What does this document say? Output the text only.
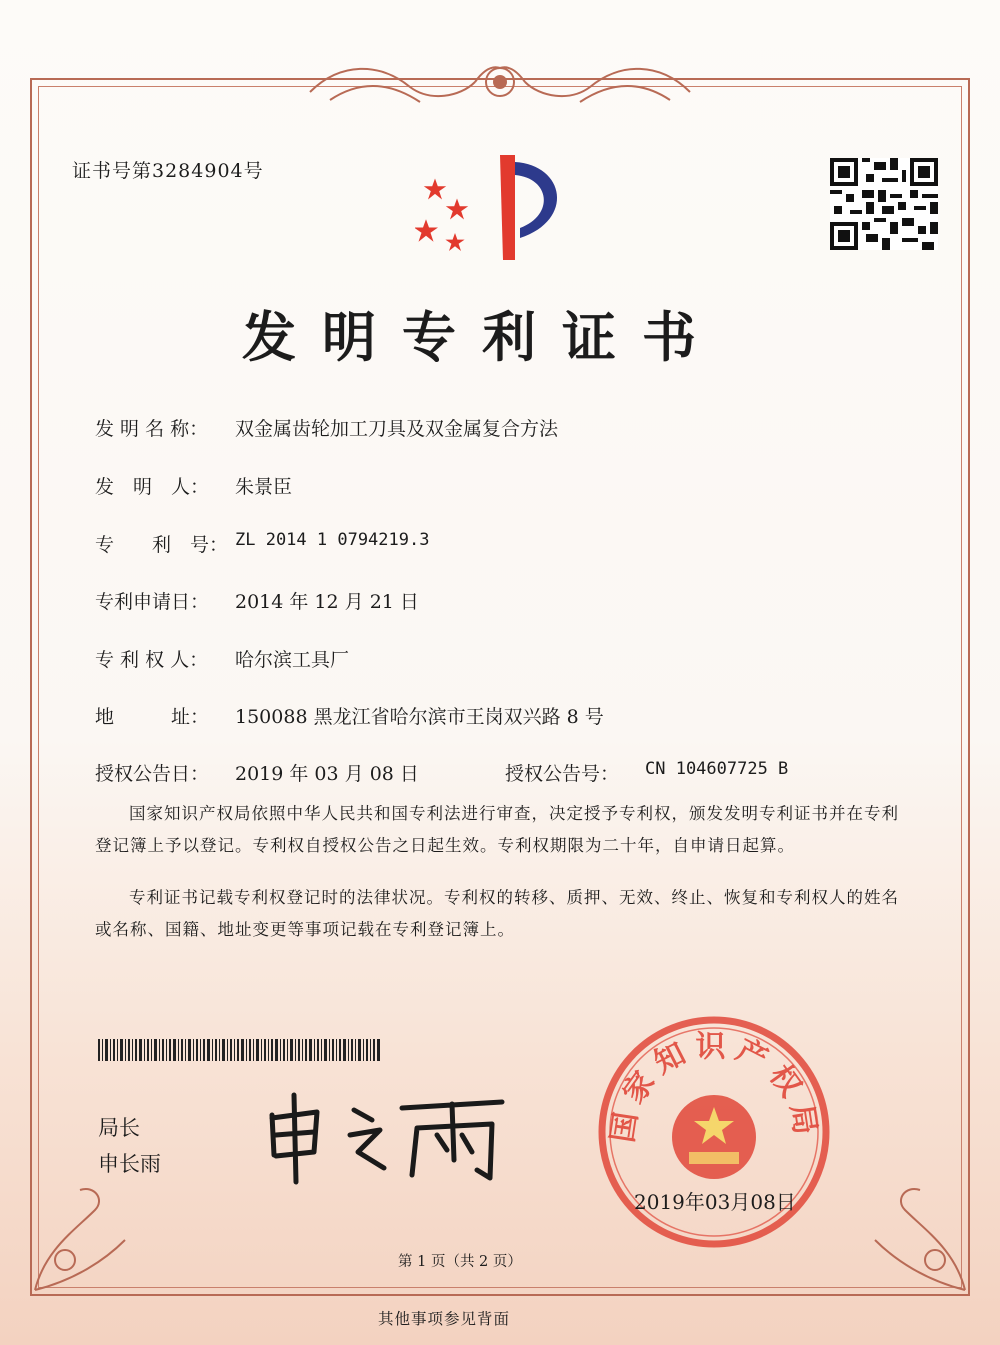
证书号第3284904号
发明专利证书
发 明 名 称： 双金属齿轮加工刀具及双金属复合方法
发　明　人： 朱景臣
专　　利　号： ZL 2014 1 0794219.3
专利申请日： 2014 年 12 月 21 日
专 利 权 人： 哈尔滨工具厂
地　　　址： 150088 黑龙江省哈尔滨市王岗双兴路 8 号
授权公告日： 2019 年 03 月 08 日	授权公告号： CN 104607725 B
国家知识产权局依照中华人民共和国专利法进行审查，决定授予专利权，颁发发明专利证书并在专利登记簿上予以登记。专利权自授权公告之日起生效。专利权期限为二十年，自申请日起算。
专利证书记载专利权登记时的法律状况。专利权的转移、质押、无效、终止、恢复和专利权人的姓名或名称、国籍、地址变更等事项记载在专利登记簿上。
局长
申长雨
国家知识产权局
2019年03月08日
第 1 页（共 2 页）
其他事项参见背面
